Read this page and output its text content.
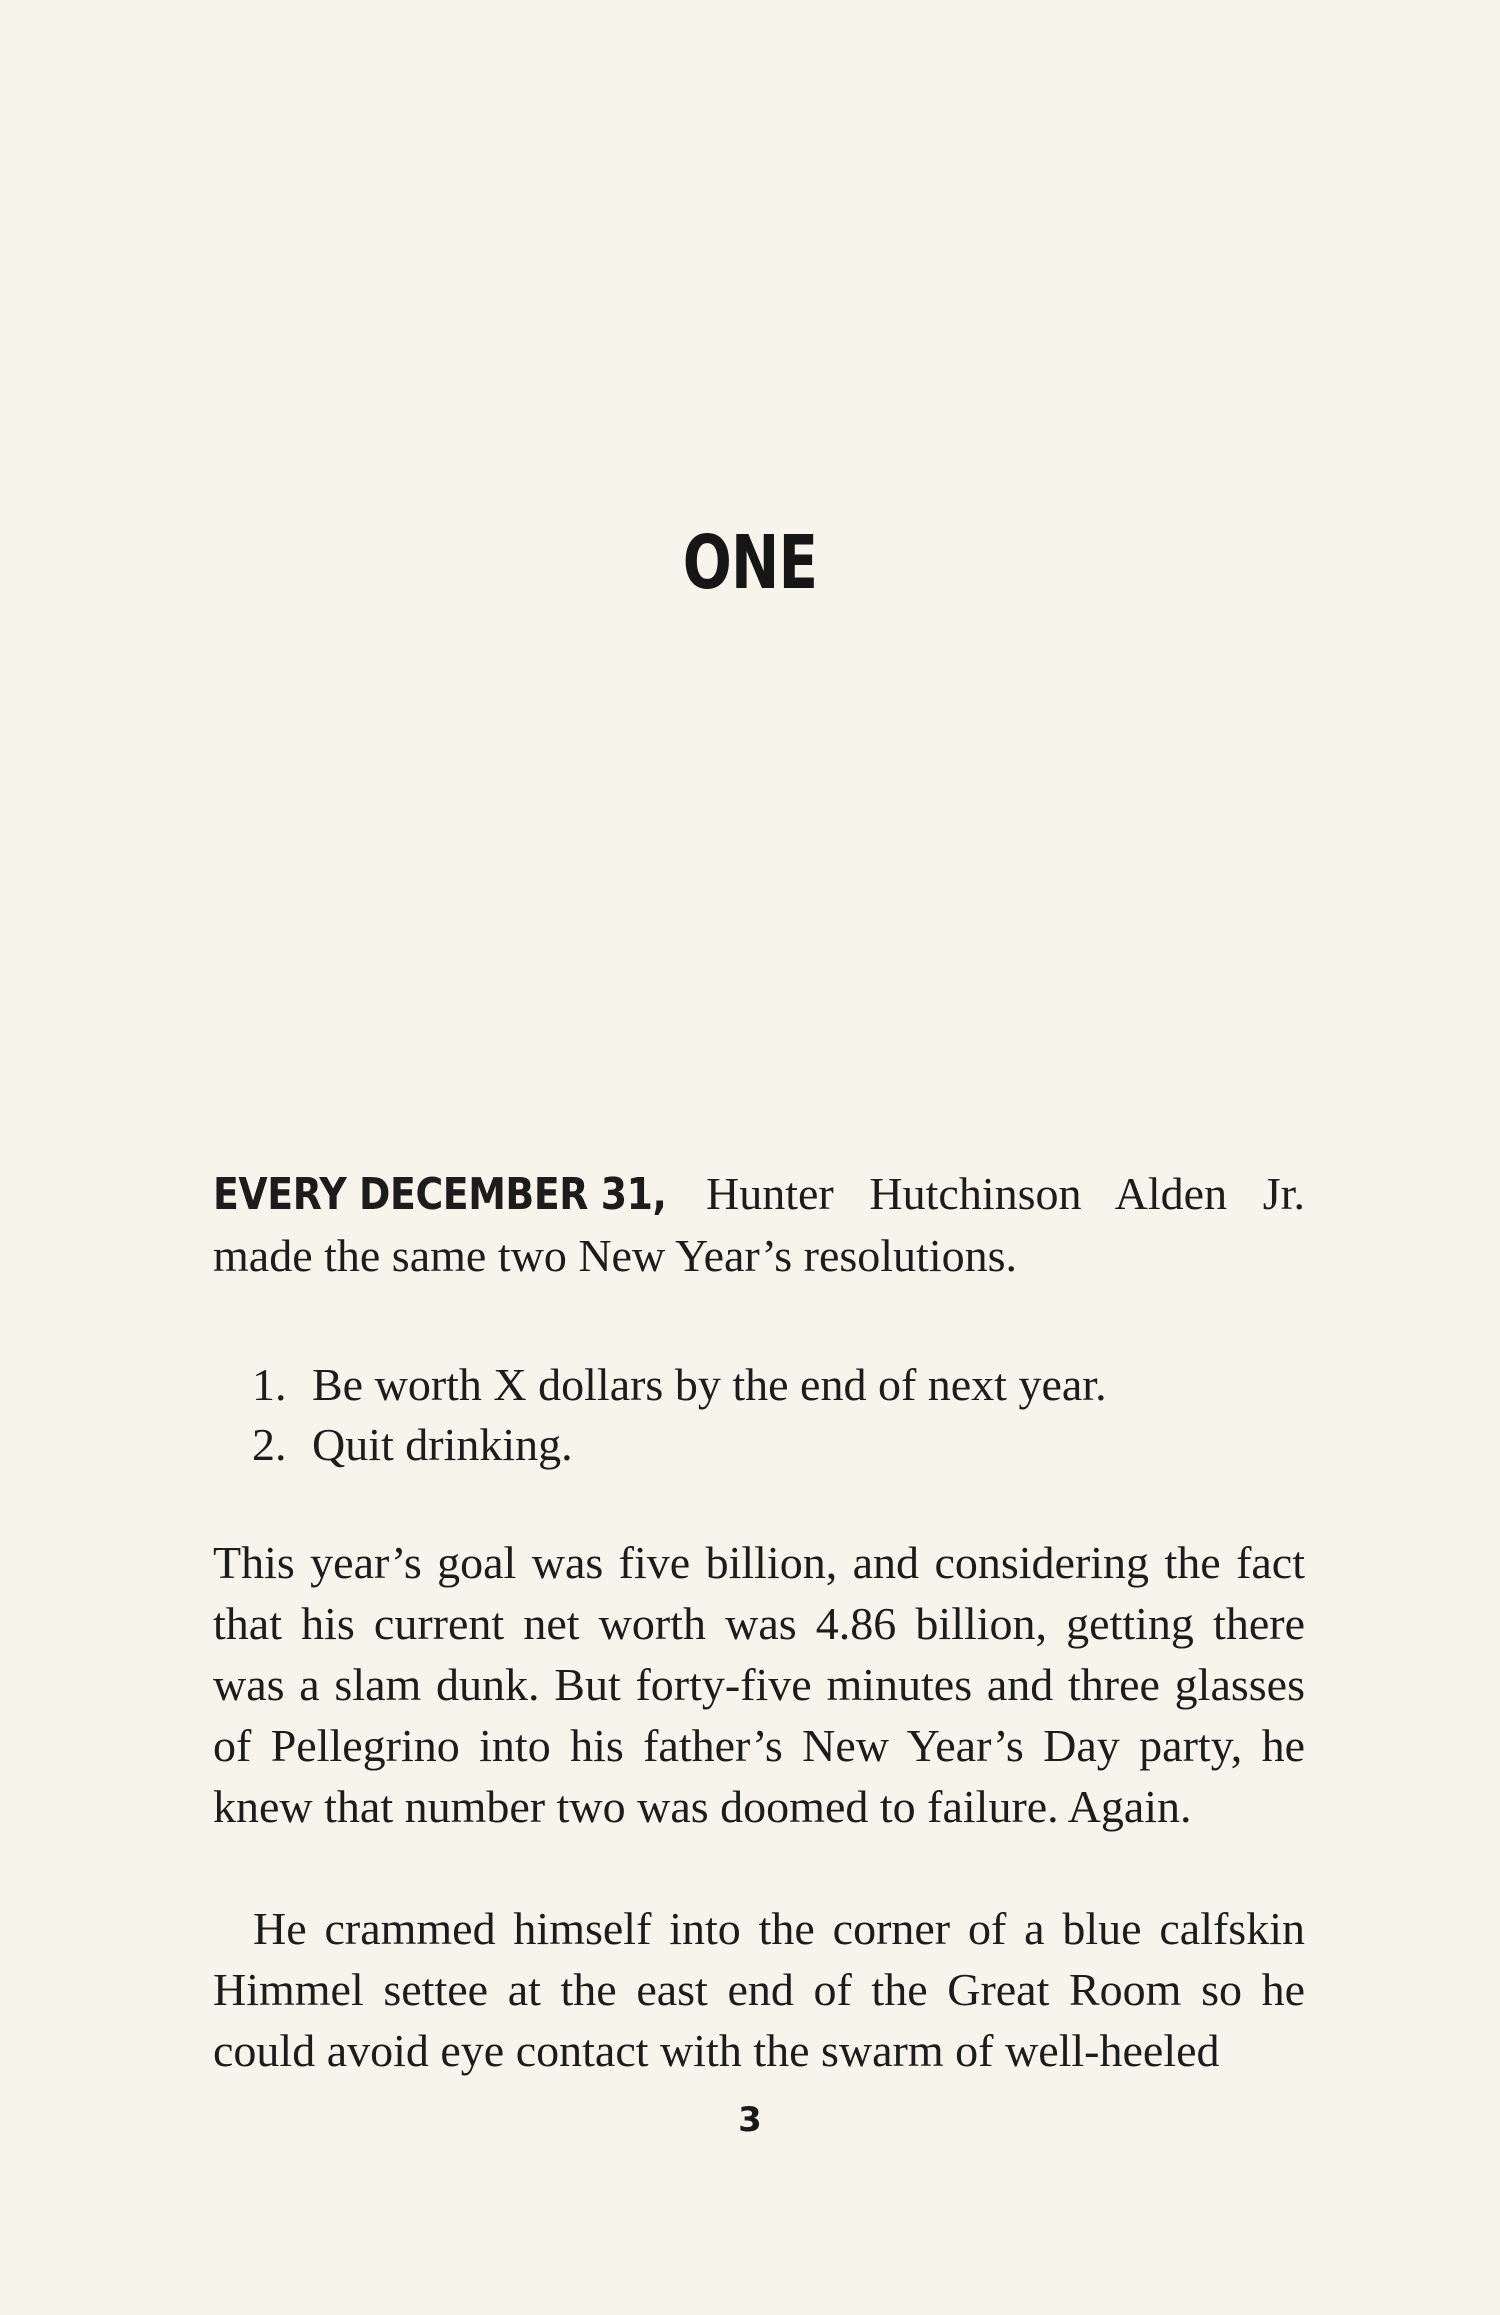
ONE
EVERY DECEMBER 31, Hunter Hutchinson Alden Jr. made the same two New Year’s resolutions.
1. Be worth X dollars by the end of next year.
2. Quit drinking.

This year’s goal was five billion, and considering the fact that his current net worth was 4.86 billion, getting there was a slam dunk. But forty-five minutes and three glasses of Pellegrino into his father’s New Year’s Day party, he knew that number two was doomed to failure. Again.

He crammed himself into the corner of a blue calfskin Himmel settee at the east end of the Great Room so he could avoid eye contact with the swarm of well-heeled

3
